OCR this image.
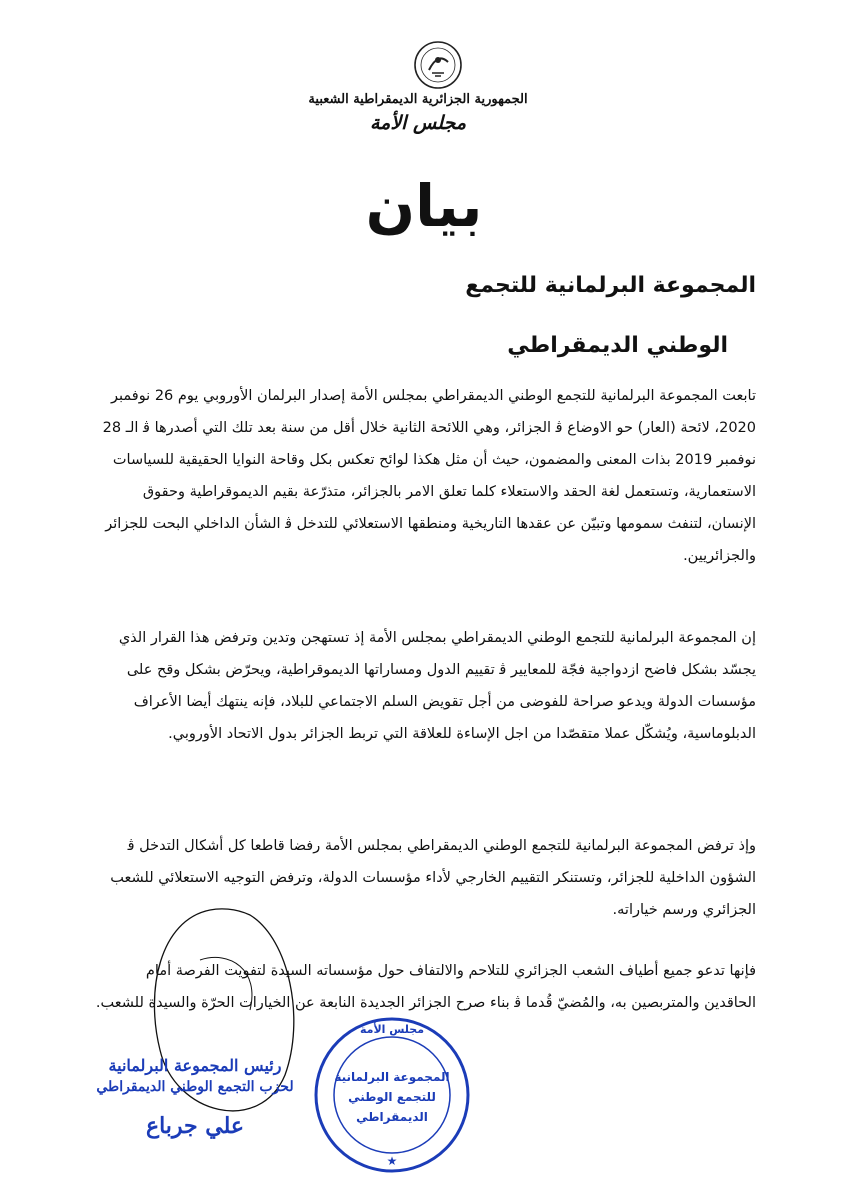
الجمهورية الجزائرية الديمقراطية الشعبية
مجلس الأمة
بيان
المجموعة البرلمانية للتجمع
الوطني الديمقراطي
تابعت المجموعة البرلمانية للتجمع الوطني الديمقراطي بمجلس الأمة إصدار البرلمان الأوروبي يوم 26 نوفمبر 2020، لائحة (العار) حو الاوضاع ﭬ الجزائر، وهي اللائحة الثانية خلال أقل من سنة بعد تلك التي أصدرها ﭬ الـ 28 نوفمبر 2019 بذات المعنى والمضمون، حيث أن مثل هكذا لوائح تعكس بكل وقاحة النوايا الحقيقية للسياسات الاستعمارية، وتستعمل لغة الحقد والاستعلاء كلما تعلق الامر بالجزائر، متذرّعة بقيم الديموقراطية وحقوق الإنسان، لتنفث سمومها وتبيّن عن عقدها التاريخية ومنطقها الاستعلائي للتدخل ﭬ الشأن الداخلي البحت للجزائر والجزائريين.
إن المجموعة البرلمانية للتجمع الوطني الديمقراطي بمجلس الأمة إذ تستهجن وتدين وترفض هذا القرار الذي يجسّد بشكل فاضح ازدواجية فجّة للمعايير ﭬ تقييم الدول ومساراتها الديموقراطية، ويحرّض بشكل وقح على مؤسسات الدولة ويدعو صراحة للفوضى من أجل تقويض السلم الاجتماعي للبلاد، فإنه ينتهك أيضا الأعراف الدبلوماسية، ويُشكّل عملا متقصّدا من اجل الإساءة للعلاقة التي تربط الجزائر بدول الاتحاد الأوروبي.
وإذ ترفض المجموعة البرلمانية للتجمع الوطني الديمقراطي بمجلس الأمة رفضا قاطعا كل أشكال التدخل ﭬ الشؤون الداخلية للجزائر، وتستنكر التقييم الخارجي لأداء مؤسسات الدولة، وترفض التوجيه الاستعلائي للشعب الجزائري ورسم خياراته.
فإنها تدعو جميع أطياف الشعب الجزائري للتلاحم والالتفاف حول مؤسساته السيدة لتفويت الفرصة أمام الحاقدين والمتربصين به، والمُضيّ قُدما ﭬ بناء صرح الجزائر الجديدة النابعة عن الخيارات الحرّة والسيدة للشعب.
رئيس المجموعة البرلمانية
لحزب التجمع الوطني الديمقراطي
علي جرباع
مجلس الأمة
المجموعة البرلمانية
للتجمع الوطني
الديمقراطي
★
